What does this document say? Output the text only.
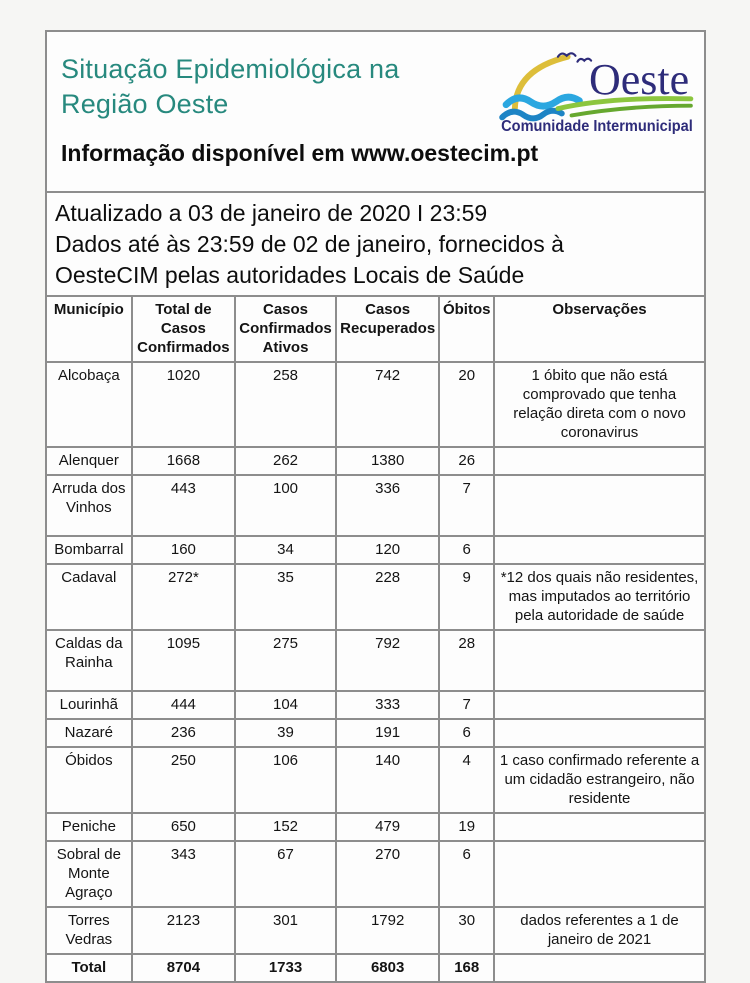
Situação Epidemiológica na
Região Oeste
Oeste
Comunidade Intermunicipal
Informação disponível em www.oestecim.pt
Atualizado a 03 de janeiro de 2020 I 23:59
Dados até às 23:59 de 02 de janeiro, fornecidos à
OesteCIM pelas autoridades Locais de Saúde
Município	Total de Casos Confirmados	Casos Confirmados Ativos	Casos Recuperados	Óbitos	Observações
Alcobaça	1020	258	742	20	1 óbito que não está comprovado que tenha relação direta com o novo coronavirus
Alenquer	1668	262	1380	26	
Arruda dos Vinhos	443	100	336	7	
Bombarral	160	34	120	6	
Cadaval	272*	35	228	9	*12 dos quais não residentes, mas imputados ao território pela autoridade de saúde
Caldas da Rainha	1095	275	792	28	
Lourinhã	444	104	333	7	
Nazaré	236	39	191	6	
Óbidos	250	106	140	4	1 caso confirmado referente a um cidadão estrangeiro, não residente
Peniche	650	152	479	19	
Sobral de Monte Agraço	343	67	270	6	
Torres Vedras	2123	301	1792	30	dados referentes a 1 de janeiro de 2021
Total	8704	1733	6803	168	
